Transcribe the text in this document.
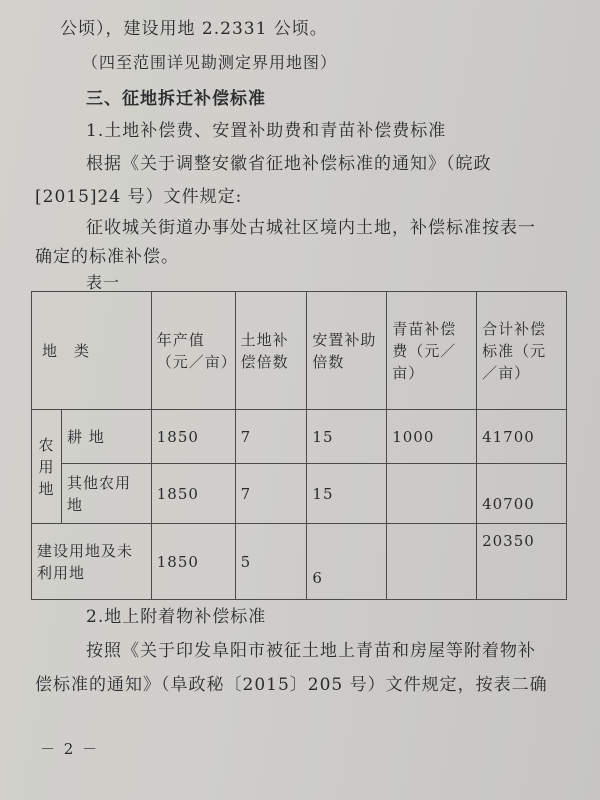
公顷），建设用地 2.2331 公顷。
（四至范围详见勘测定界用地图）
三、征地拆迁补偿标准
1.土地补偿费、安置补助费和青苗补偿费标准
根据《关于调整安徽省征地补偿标准的通知》（皖政
[2015]24 号）文件规定:
征收城关街道办事处古城社区境内土地，补偿标准按表一
确定的标准补偿。
表一
地　类		年产值（元／亩）	土地补偿倍数	安置补助倍数	青苗补偿费（元／亩）	合计补偿标准（元／亩）
农
用
地	耕 地	1850	7	15	1000	41700
	其他农用地	1850	7	15		40700
建设用地及未利用地		1850	5	6		20350
2.地上附着物补偿标准
按照《关于印发阜阳市被征土地上青苗和房屋等附着物补
偿标准的通知》（阜政秘〔2015〕205 号）文件规定，按表二确
－ 2 －
